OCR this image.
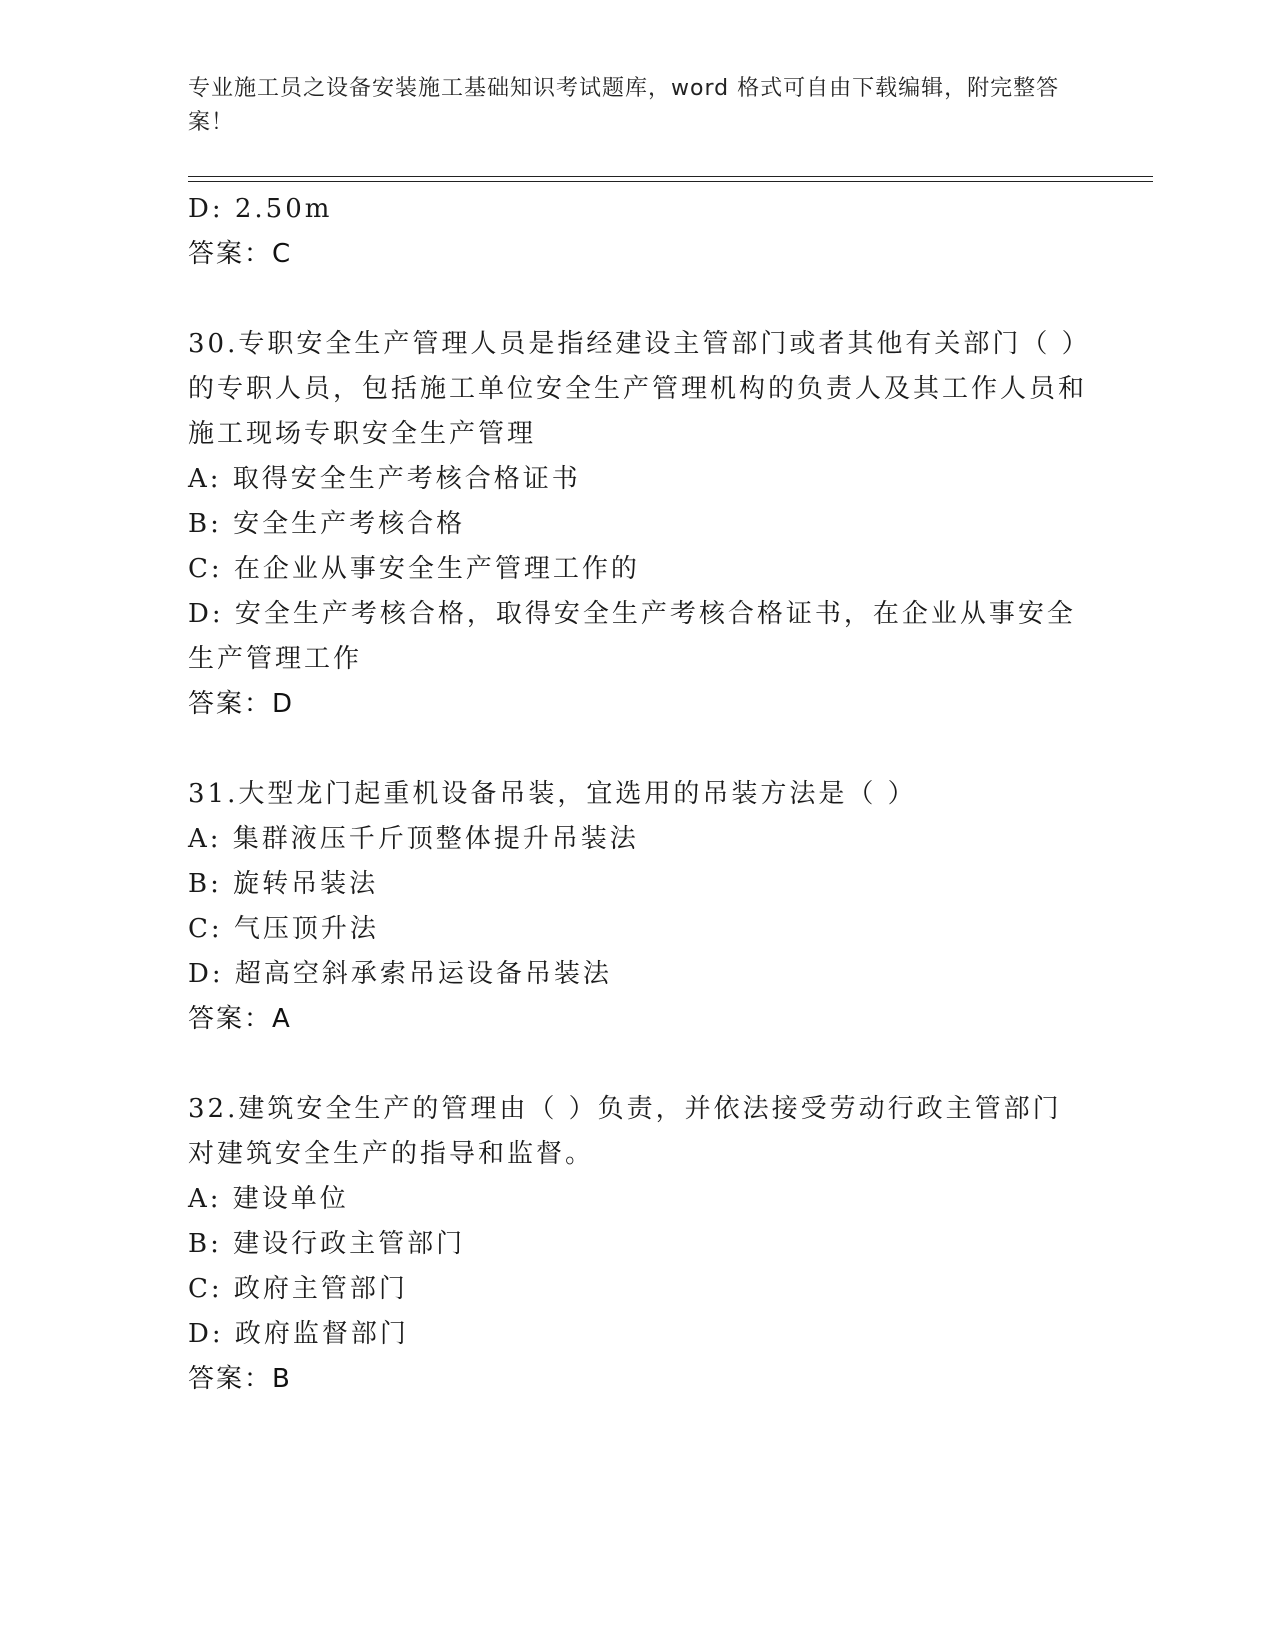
专业施工员之设备安装施工基础知识考试题库，word 格式可自由下载编辑，附完整答案！
D: 2.50m
答案：C
30.专职安全生产管理人员是指经建设主管部门或者其他有关部门（ ）的专职人员，包括施工单位安全生产管理机构的负责人及其工作人员和施工现场专职安全生产管理
A: 取得安全生产考核合格证书
B: 安全生产考核合格
C: 在企业从事安全生产管理工作的
D: 安全生产考核合格，取得安全生产考核合格证书，在企业从事安全生产管理工作
答案：D
31.大型龙门起重机设备吊装，宜选用的吊装方法是（ ）
A: 集群液压千斤顶整体提升吊装法
B: 旋转吊装法
C: 气压顶升法
D: 超高空斜承索吊运设备吊装法
答案：A
32.建筑安全生产的管理由（ ）负责，并依法接受劳动行政主管部门对建筑安全生产的指导和监督。
A: 建设单位
B: 建设行政主管部门
C: 政府主管部门
D: 政府监督部门
答案：B
